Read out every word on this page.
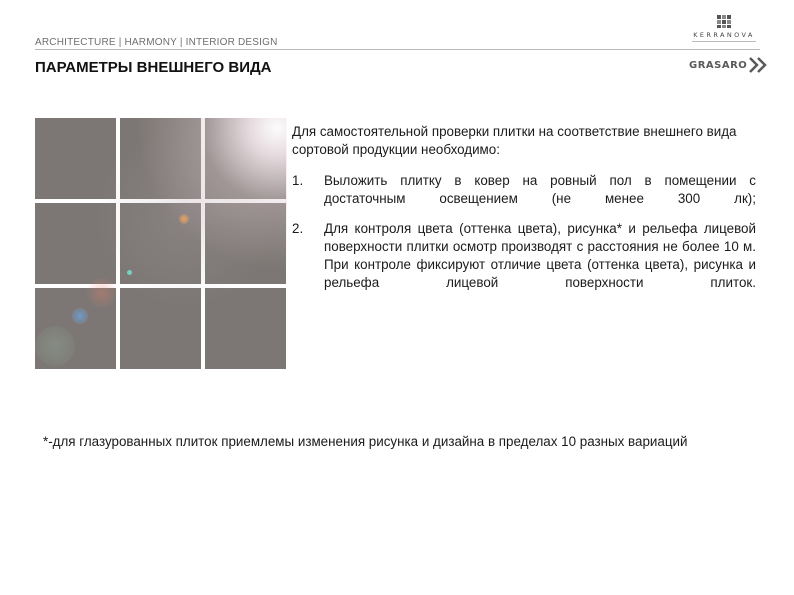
ARCHITECTURE | HARMONY | INTERIOR DESIGN
ПАРАМЕТРЫ ВНЕШНЕГО ВИДА
KERRANOVA
GRASARO

Для самостоятельной проверки плитки на соответствие внешнего вида сортовой продукции необходимо:

1.	Выложить плитку в ковер на ровный пол в помещении с достаточным освещением (не менее 300 лк);
2.	Для контроля цвета (оттенка цвета), рисунка* и рельефа лицевой поверхности плитки осмотр производят с расстояния не более 10 м. При контроле фиксируют отличие цвета (оттенка цвета), рисунка и рельефа лицевой поверхности плиток.

*-для глазурованных плиток приемлемы изменения рисунка и дизайна в пределах 10 разных вариаций
